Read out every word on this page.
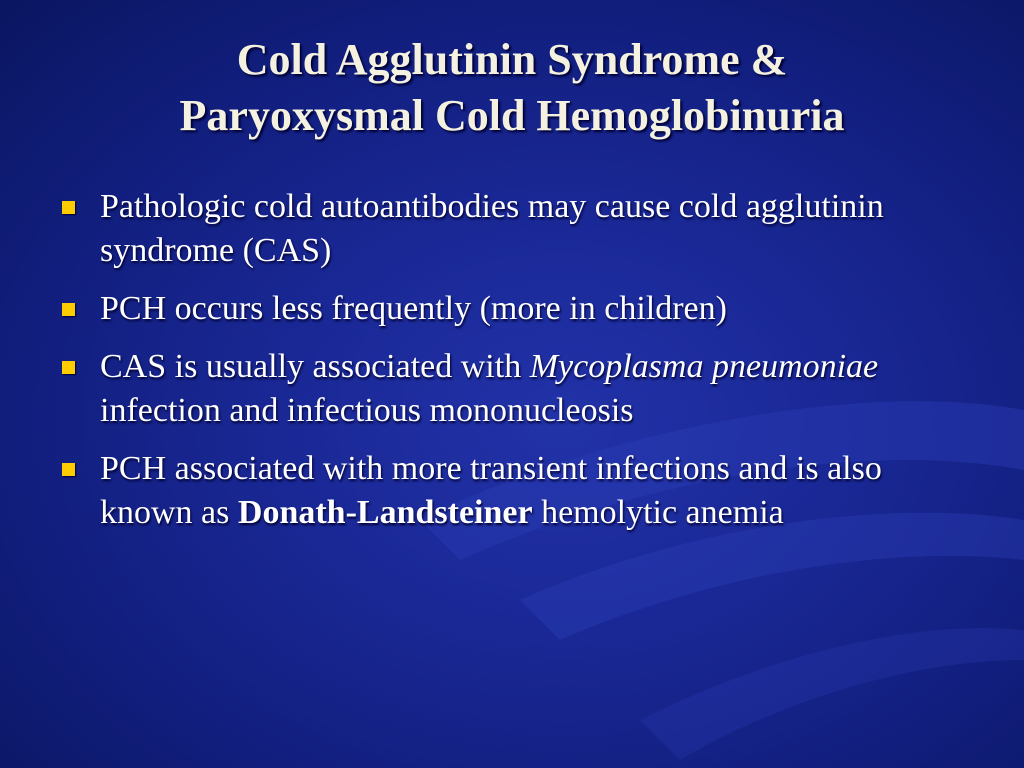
Cold Agglutinin Syndrome &
Paryoxysmal Cold Hemoglobinuria
Pathologic cold autoantibodies may cause cold agglutinin syndrome (CAS)
PCH occurs less frequently (more in children)
CAS is usually associated with Mycoplasma pneumoniae infection and infectious mononucleosis
PCH associated with more transient infections and is also known as Donath-Landsteiner hemolytic anemia
